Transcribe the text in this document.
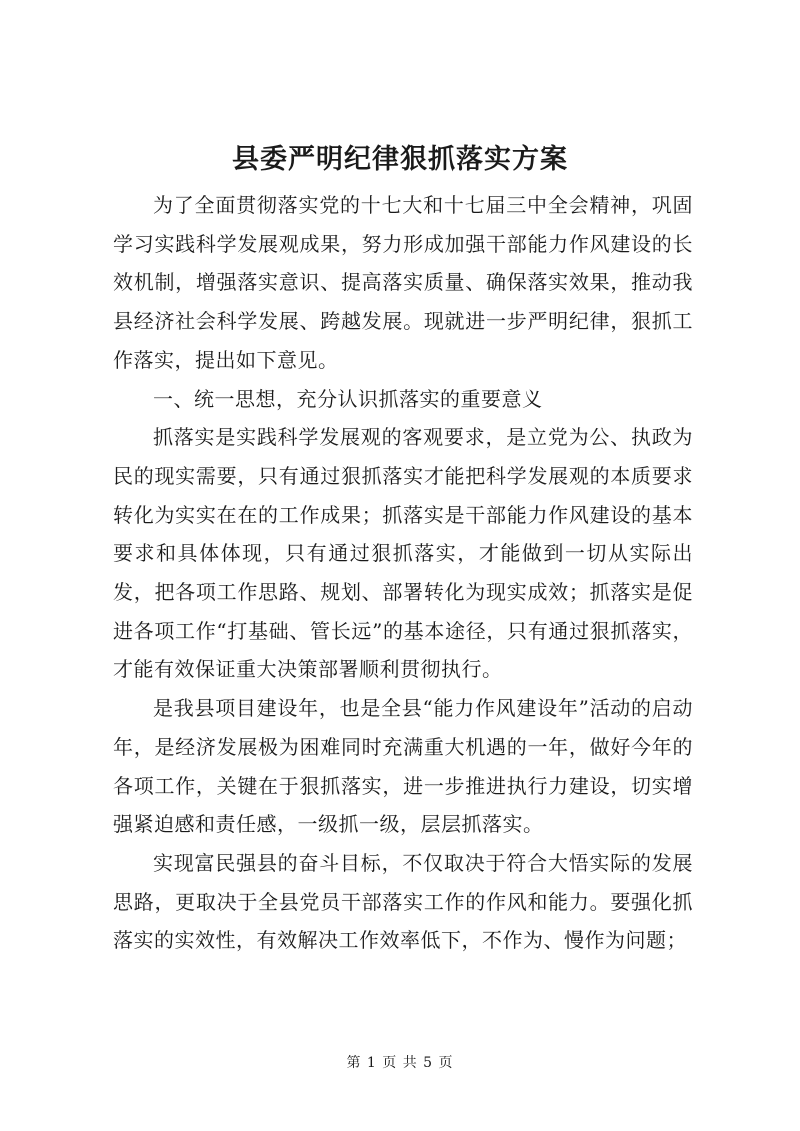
县委严明纪律狠抓落实方案

为了全面贯彻落实党的十七大和十七届三中全会精神，巩固学习实践科学发展观成果，努力形成加强干部能力作风建设的长效机制，增强落实意识、提高落实质量、确保落实效果，推动我县经济社会科学发展、跨越发展。现就进一步严明纪律，狠抓工作落实，提出如下意见。

一、统一思想，充分认识抓落实的重要意义

抓落实是实践科学发展观的客观要求，是立党为公、执政为民的现实需要，只有通过狠抓落实才能把科学发展观的本质要求转化为实实在在的工作成果；抓落实是干部能力作风建设的基本要求和具体体现，只有通过狠抓落实，才能做到一切从实际出发，把各项工作思路、规划、部署转化为现实成效；抓落实是促进各项工作“打基础、管长远”的基本途径，只有通过狠抓落实，才能有效保证重大决策部署顺利贯彻执行。

是我县项目建设年，也是全县“能力作风建设年”活动的启动年，是经济发展极为困难同时充满重大机遇的一年，做好今年的各项工作，关键在于狠抓落实，进一步推进执行力建设，切实增强紧迫感和责任感，一级抓一级，层层抓落实。

实现富民强县的奋斗目标，不仅取决于符合大悟实际的发展思路，更取决于全县党员干部落实工作的作风和能力。要强化抓落实的实效性，有效解决工作效率低下，不作为、慢作为问题；

第 1 页 共 5 页
